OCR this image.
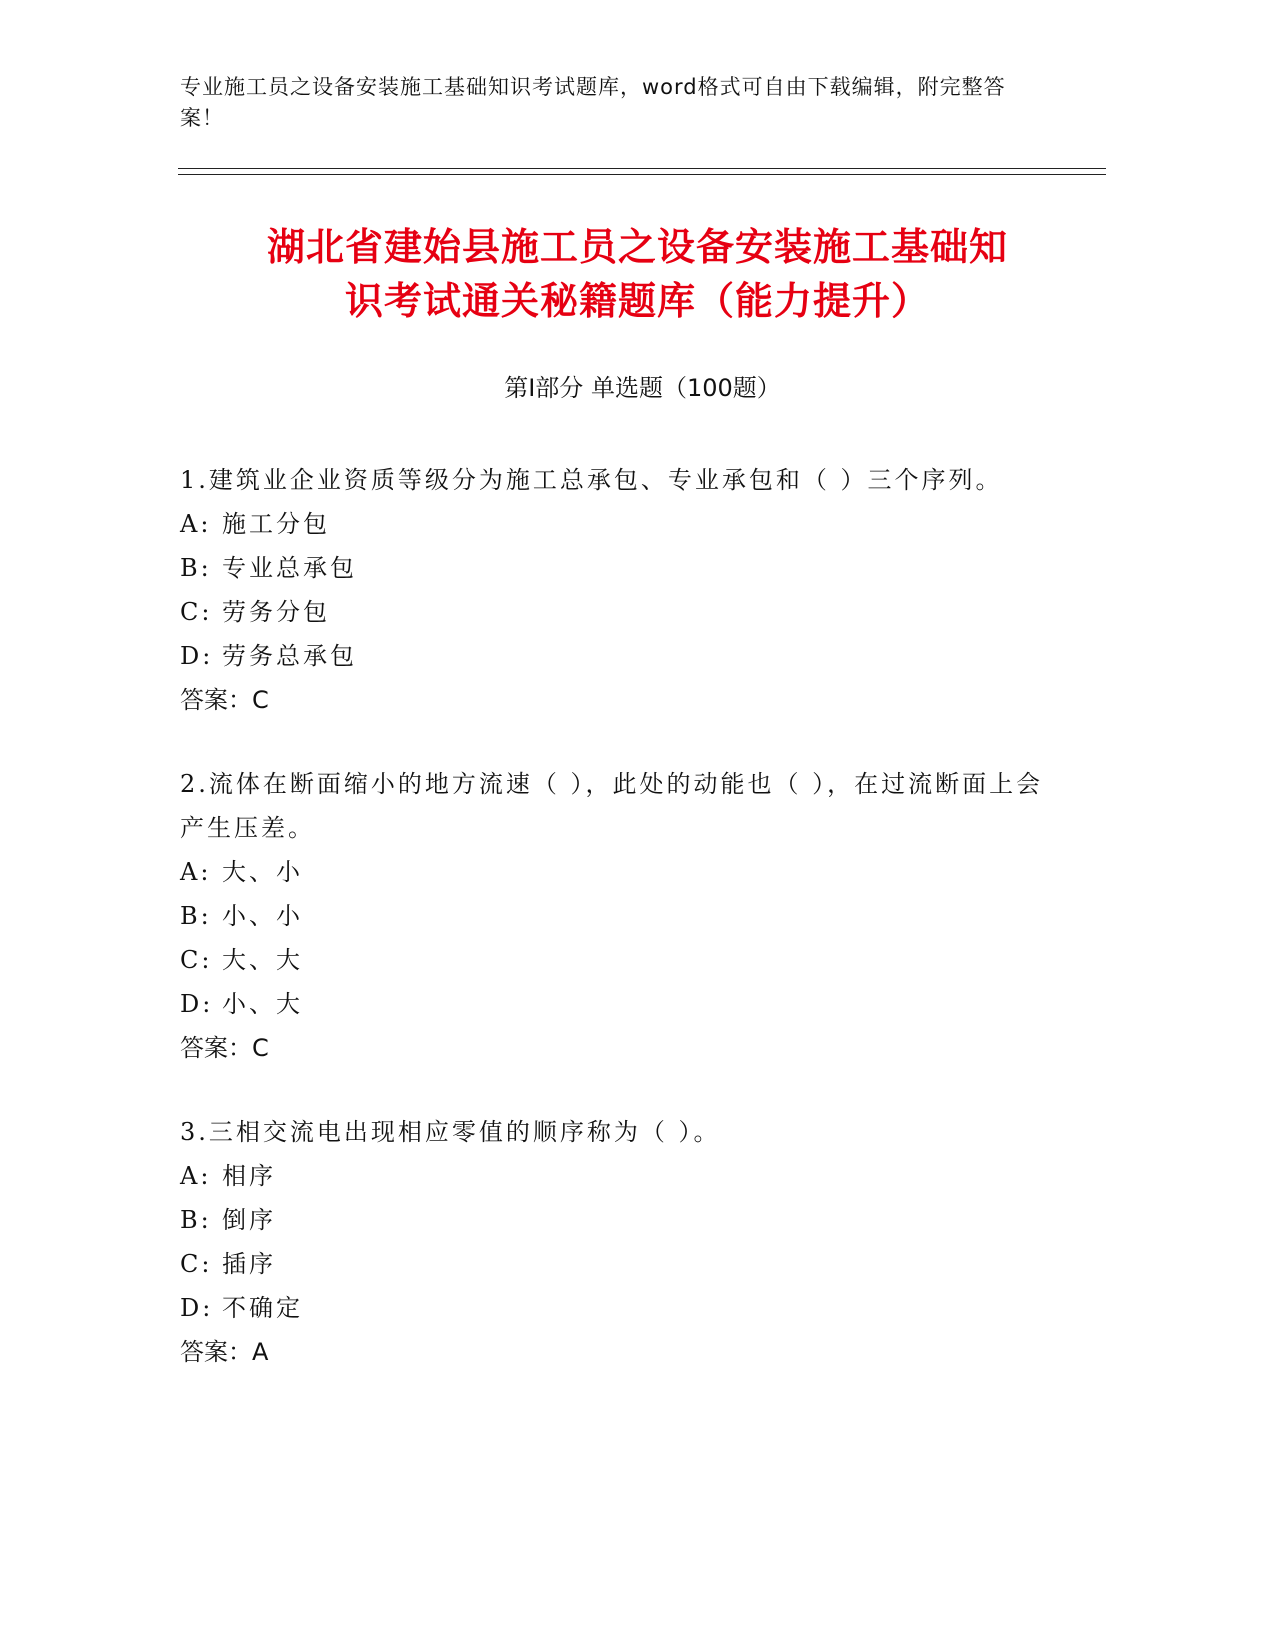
专业施工员之设备安装施工基础知识考试题库，word格式可自由下载编辑，附完整答案！
湖北省建始县施工员之设备安装施工基础知
识考试通关秘籍题库（能力提升）
第Ⅰ部分 单选题（100题）

1.建筑业企业资质等级分为施工总承包、专业承包和（ ）三个序列。

A: 施工分包

B: 专业总承包

C: 劳务分包

D: 劳务总承包

答案：C

2.流体在断面缩小的地方流速（ ），此处的动能也（ ），在过流断面上会产生压差。

A: 大、小

B: 小、小

C: 大、大

D: 小、大

答案：C

3.三相交流电出现相应零值的顺序称为（ ）。

A: 相序

B: 倒序

C: 插序

D: 不确定

答案：A
